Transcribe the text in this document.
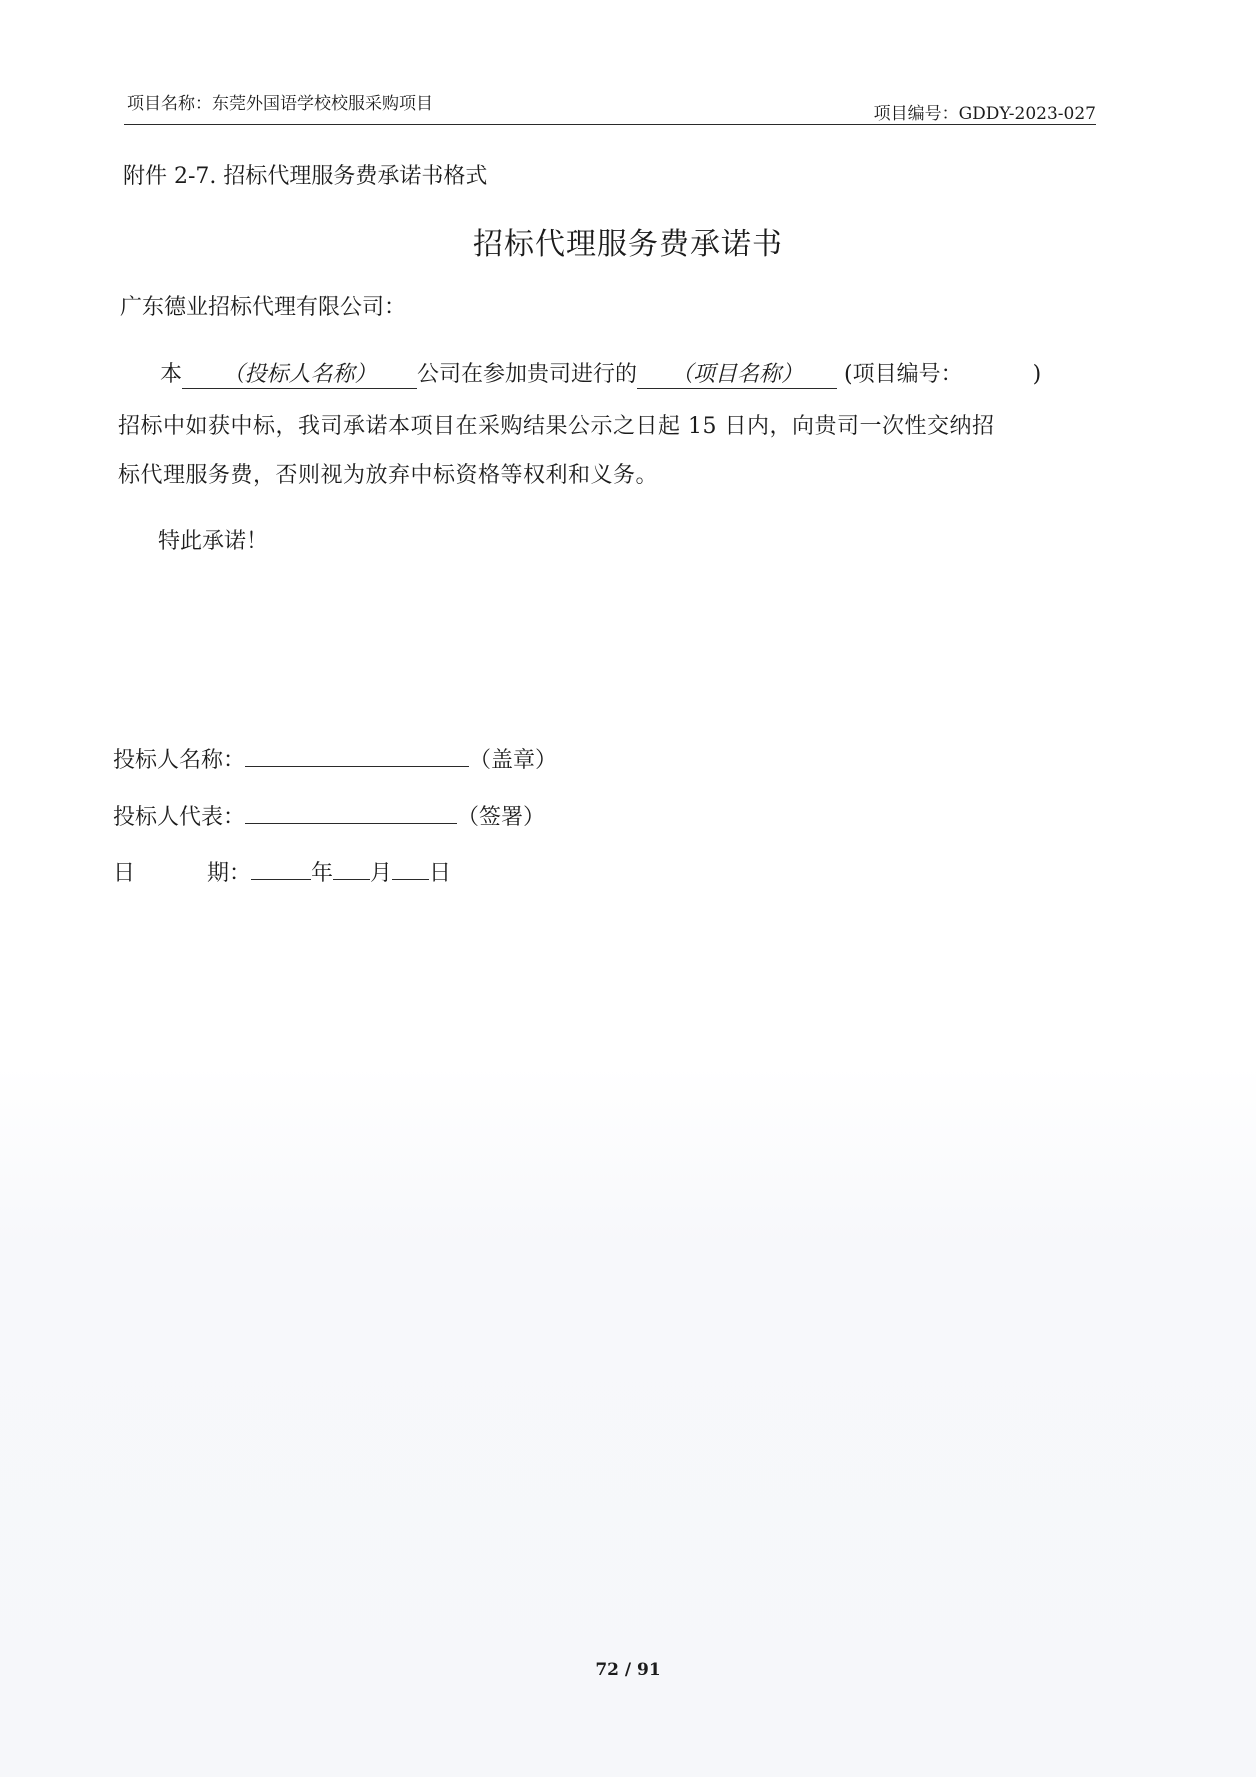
项目名称：东莞外国语学校校服采购项目	项目编号：GDDY-2023-027
附件 2-7. 招标代理服务费承诺书格式
招标代理服务费承诺书
广东德业招标代理有限公司：
本 （投标人名称） 公司在参加贵司进行的 （项目名称） (项目编号：	)
招标中如获中标，我司承诺本项目在采购结果公示之日起 15 日内，向贵司一次性交纳招
标代理服务费，否则视为放弃中标资格等权利和义务。
特此承诺！
投标人名称：	（盖章）
投标人代表：	（签署）
日	期：	年 月 日
72 / 91
